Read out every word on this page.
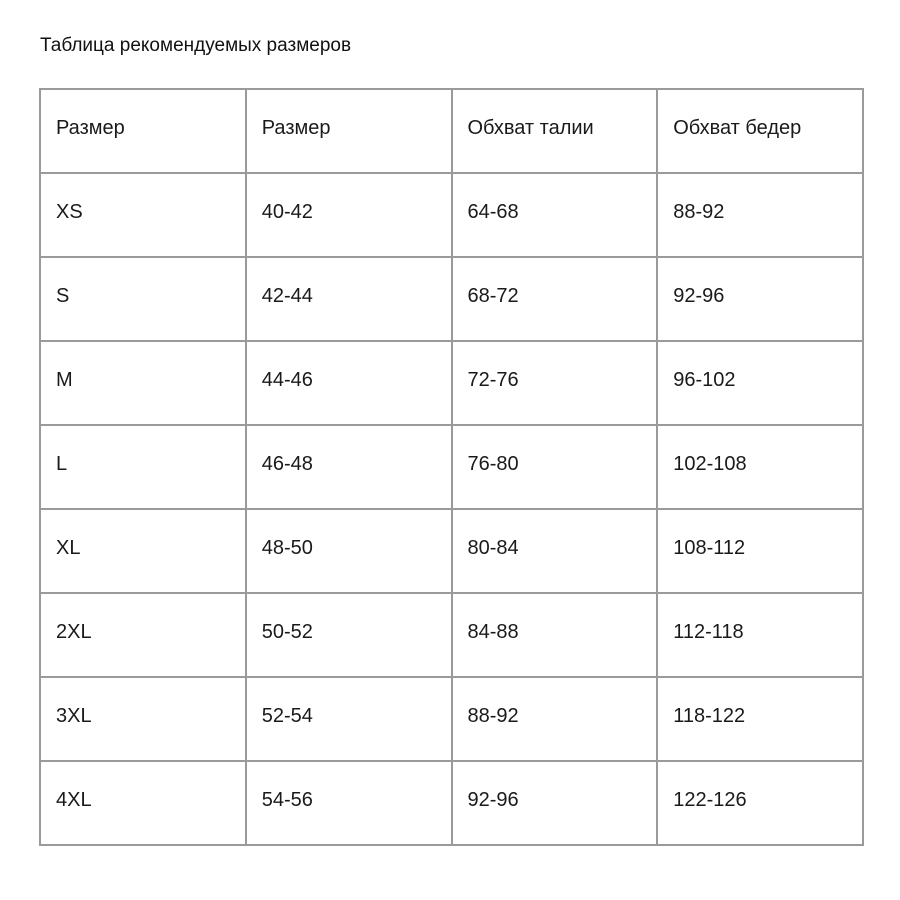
Таблица рекомендуемых размеров
Размер	Размер	Обхват талии	Обхват бедер

XS	40-42	64-68	88-92

S	42-44	68-72	92-96

M	44-46	72-76	96-102

L	46-48	76-80	102-108

XL	48-50	80-84	108-112

2XL	50-52	84-88	112-118

3XL	52-54	88-92	118-122

4XL	54-56	92-96	122-126
